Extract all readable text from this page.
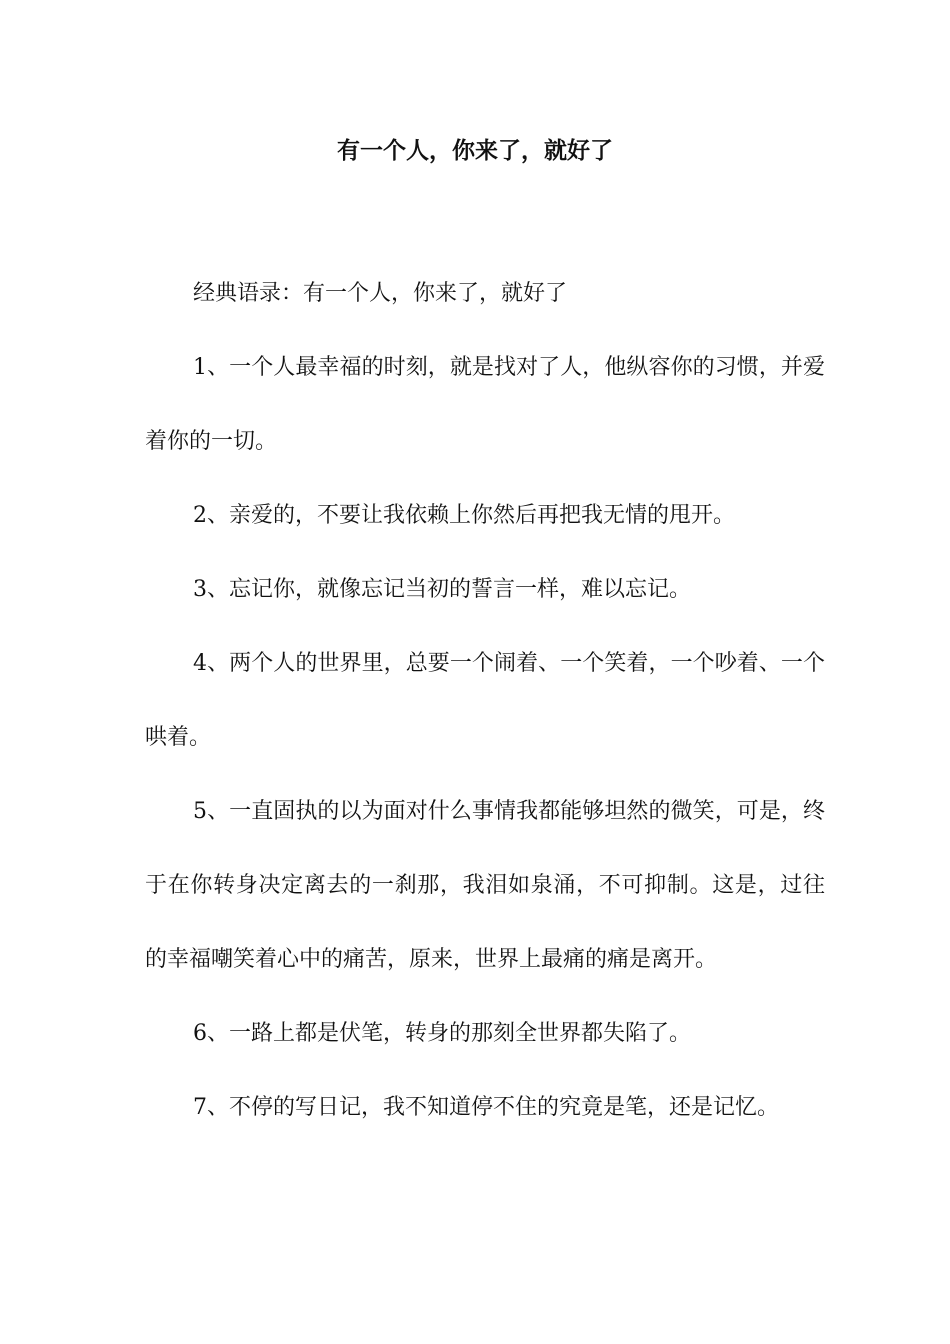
有一个人，你来了，就好了

经典语录：有一个人，你来了，就好了

1、一个人最幸福的时刻，就是找对了人，他纵容你的习惯，并爱着你的一切。

2、亲爱的，不要让我依赖上你然后再把我无情的甩开。

3、忘记你，就像忘记当初的誓言一样，难以忘记。

4、两个人的世界里，总要一个闹着、一个笑着，一个吵着、一个哄着。

5、一直固执的以为面对什么事情我都能够坦然的微笑，可是，终于在你转身决定离去的一刹那，我泪如泉涌，不可抑制。这是，过往的幸福嘲笑着心中的痛苦，原来，世界上最痛的痛是离开。

6、一路上都是伏笔，转身的那刻全世界都失陷了。

7、不停的写日记，我不知道停不住的究竟是笔，还是记忆。
